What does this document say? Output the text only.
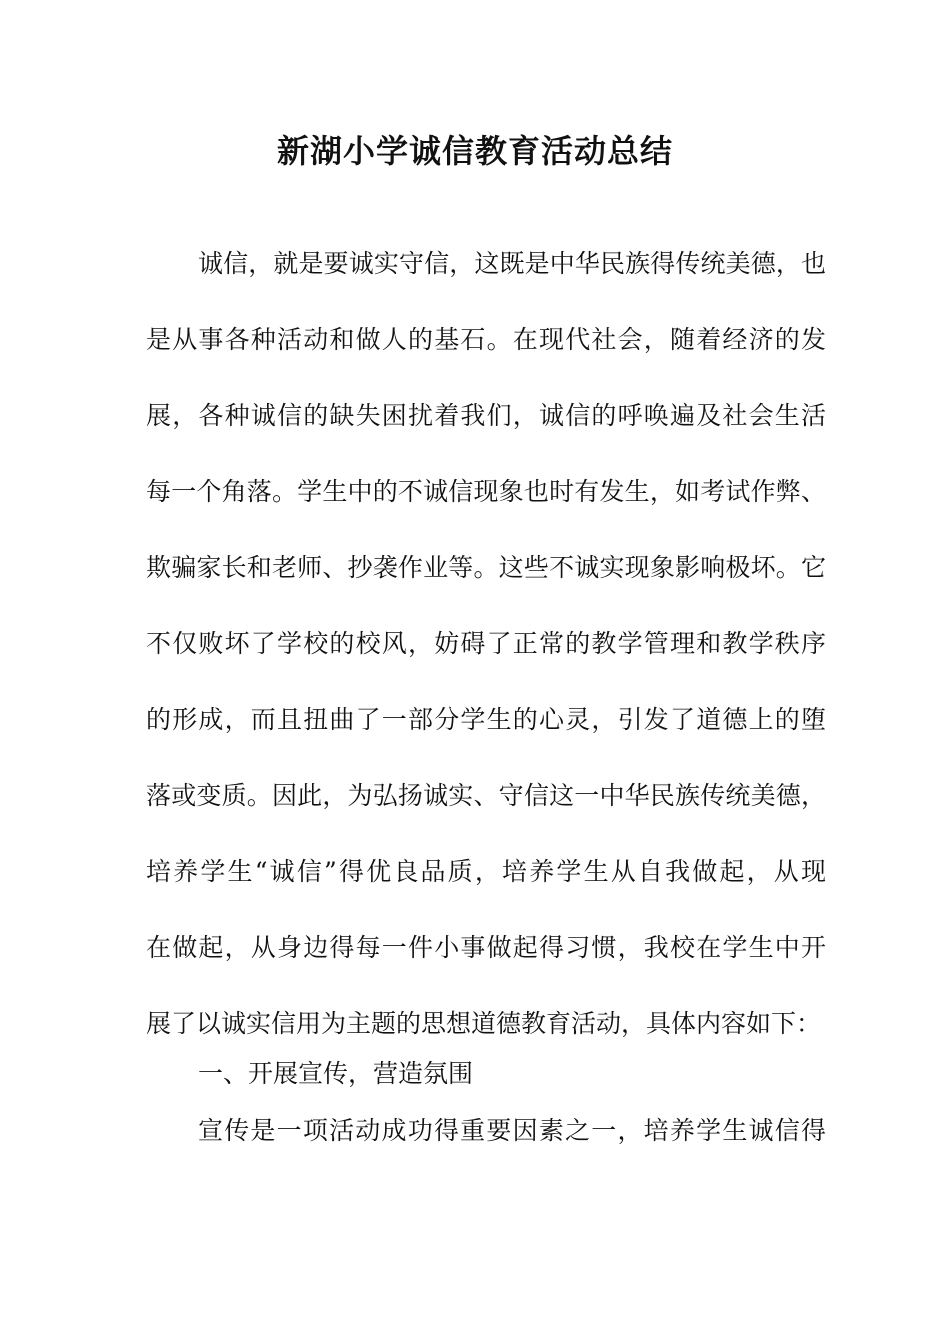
新湖小学诚信教育活动总结
诚信，就是要诚实守信，这既是中华民族得传统美德，也
是从事各种活动和做人的基石。在现代社会，随着经济的发
展，各种诚信的缺失困扰着我们，诚信的呼唤遍及社会生活
每一个角落。学生中的不诚信现象也时有发生，如考试作弊、
欺骗家长和老师、抄袭作业等。这些不诚实现象影响极坏。它
不仅败坏了学校的校风，妨碍了正常的教学管理和教学秩序
的形成，而且扭曲了一部分学生的心灵，引发了道德上的堕
落或变质。因此，为弘扬诚实、守信这一中华民族传统美德，
培养学生“诚信”得优良品质，培养学生从自我做起，从现
在做起，从身边得每一件小事做起得习惯，我校在学生中开
展了以诚实信用为主题的思想道德教育活动，具体内容如下：
一、开展宣传，营造氛围
宣传是一项活动成功得重要因素之一，培养学生诚信得
